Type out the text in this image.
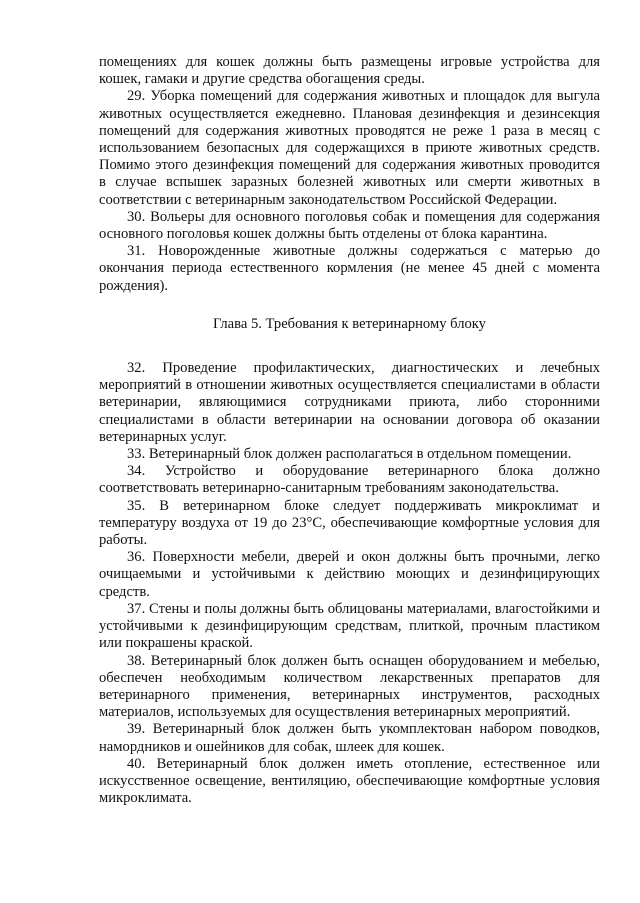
помещениях для кошек должны быть размещены игровые устройства для кошек, гамаки и другие средства обогащения среды.

29. Уборка помещений для содержания животных и площадок для выгула животных осуществляется ежедневно. Плановая дезинфекция и дезинсекция помещений для содержания животных проводятся не реже 1 раза в месяц с использованием безопасных для содержащихся в приюте животных средств. Помимо этого дезинфекция помещений для содержания животных проводится в случае вспышек заразных болезней животных или смерти животных в соответствии с ветеринарным законодательством Российской Федерации.

30. Вольеры для основного поголовья собак и помещения для содержания основного поголовья кошек должны быть отделены от блока карантина.

31. Новорожденные животные должны содержаться с матерью до окончания периода естественного кормления (не менее 45 дней с момента рождения).

Глава 5. Требования к ветеринарному блоку

32. Проведение профилактических, диагностических и лечебных мероприятий в отношении животных осуществляется специалистами в области ветеринарии, являющимися сотрудниками приюта, либо сторонними специалистами в области ветеринарии на основании договора об оказании ветеринарных услуг.

33. Ветеринарный блок должен располагаться в отдельном помещении.

34. Устройство и оборудование ветеринарного блока должно соответствовать ветеринарно-санитарным требованиям законодательства.

35. В ветеринарном блоке следует поддерживать микроклимат и температуру воздуха от 19 до 23°C, обеспечивающие комфортные условия для работы.

36. Поверхности мебели, дверей и окон должны быть прочными, легко очищаемыми и устойчивыми к действию моющих и дезинфицирующих средств.

37. Стены и полы должны быть облицованы материалами, влагостойкими и устойчивыми к дезинфицирующим средствам, плиткой, прочным пластиком или покрашены краской.

38. Ветеринарный блок должен быть оснащен оборудованием и мебелью, обеспечен необходимым количеством лекарственных препаратов для ветеринарного применения, ветеринарных инструментов, расходных материалов, используемых для осуществления ветеринарных мероприятий.

39. Ветеринарный блок должен быть укомплектован набором поводков, намордников и ошейников для собак, шлеек для кошек.

40. Ветеринарный блок должен иметь отопление, естественное или искусственное освещение, вентиляцию, обеспечивающие комфортные условия микроклимата.
